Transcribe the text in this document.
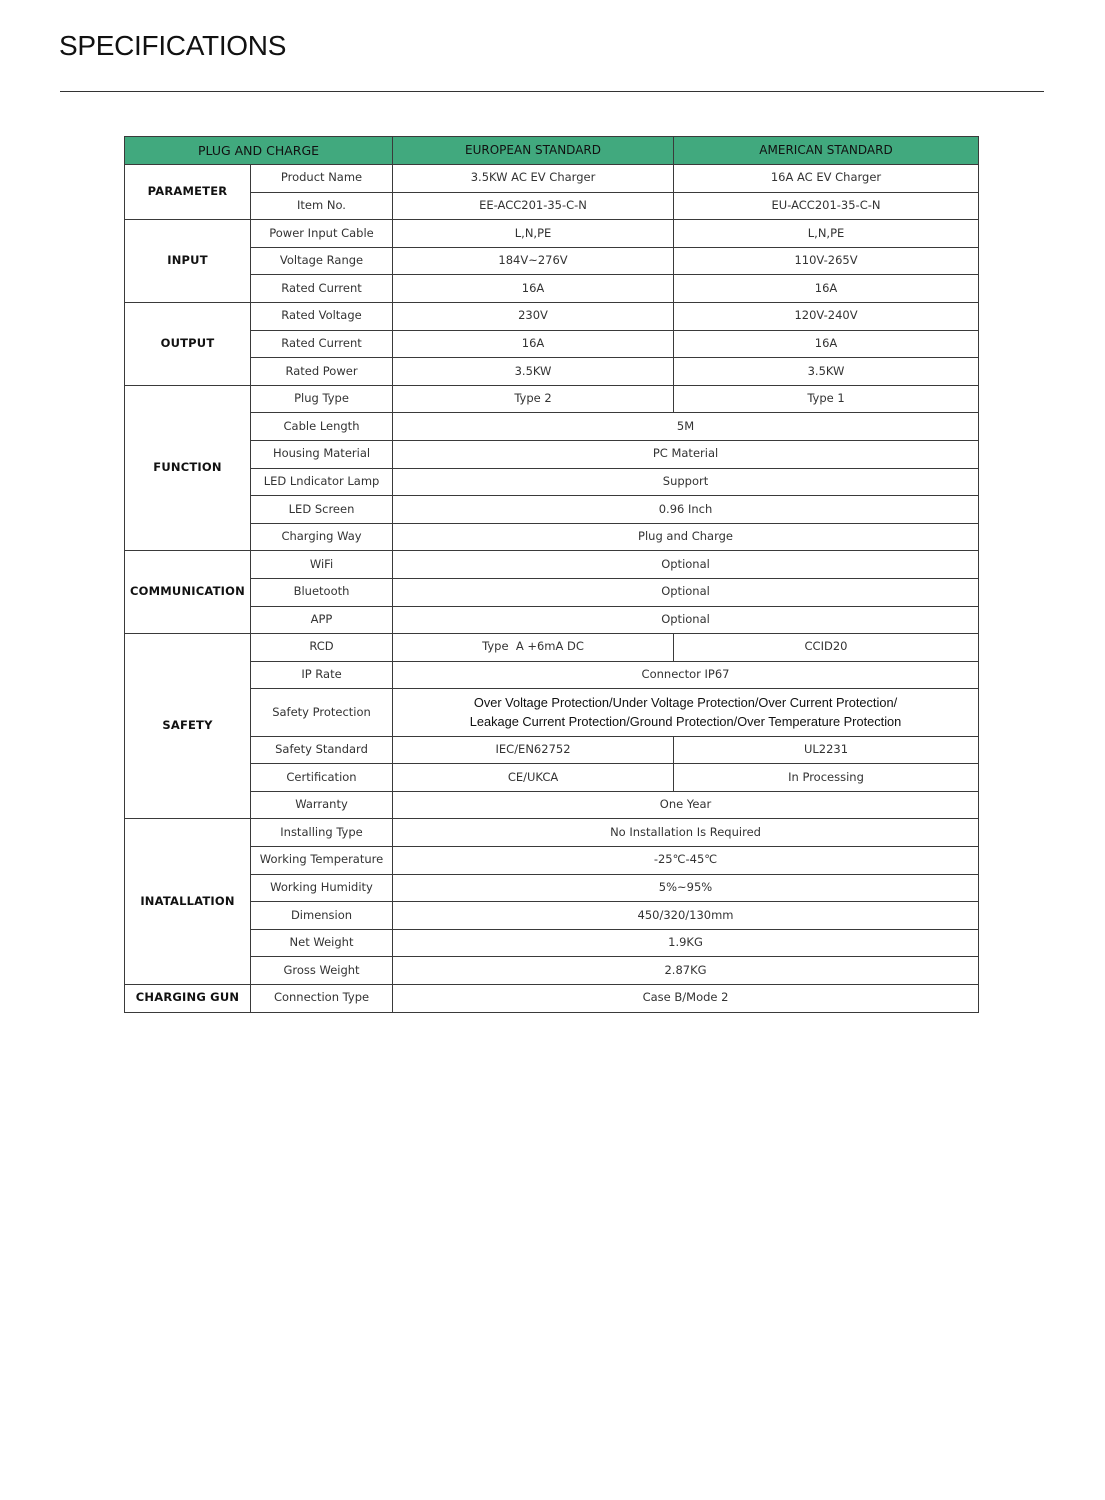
SPECIFICATIONS
PLUG AND CHARGE		EUROPEAN STANDARD	AMERICAN STANDARD
PARAMETER	Product Name	3.5KW AC EV Charger	16A AC EV Charger
	Item No.	EE-ACC201-35-C-N	EU-ACC201-35-C-N
INPUT	Power Input Cable	L,N,PE	L,N,PE
	Voltage Range	184V~276V	110V-265V
	Rated Current	16A	16A
OUTPUT	Rated Voltage	230V	120V-240V
	Rated Current	16A	16A
	Rated Power	3.5KW	3.5KW
FUNCTION	Plug Type	Type 2	Type 1
	Cable Length	5M	
	Housing Material	PC Material	
	LED Lndicator Lamp	Support	
	LED Screen	0.96 Inch	
	Charging Way	Plug and Charge	
COMMUNICATION	WiFi	Optional	
	Bluetooth	Optional	
	APP	Optional	
SAFETY	RCD	Type  A +6mA DC	CCID20
	IP Rate	Connector IP67	
	Safety Protection	Over Voltage Protection/Under Voltage Protection/Over Current Protection/
Leakage Current Protection/Ground Protection/Over Temperature Protection	

	Safety Standard	IEC/EN62752	UL2231
	Certification	CE/UKCA	In Processing
	Warranty	One Year	
INATALLATION	Installing Type	No Installation Is Required	
	Working Temperature	-25℃-45℃	
	Working Humidity	5%~95%	
	Dimension	450/320/130mm	
	Net Weight	1.9KG	
	Gross Weight	2.87KG	
CHARGING GUN	Connection Type	Case B/Mode 2	
